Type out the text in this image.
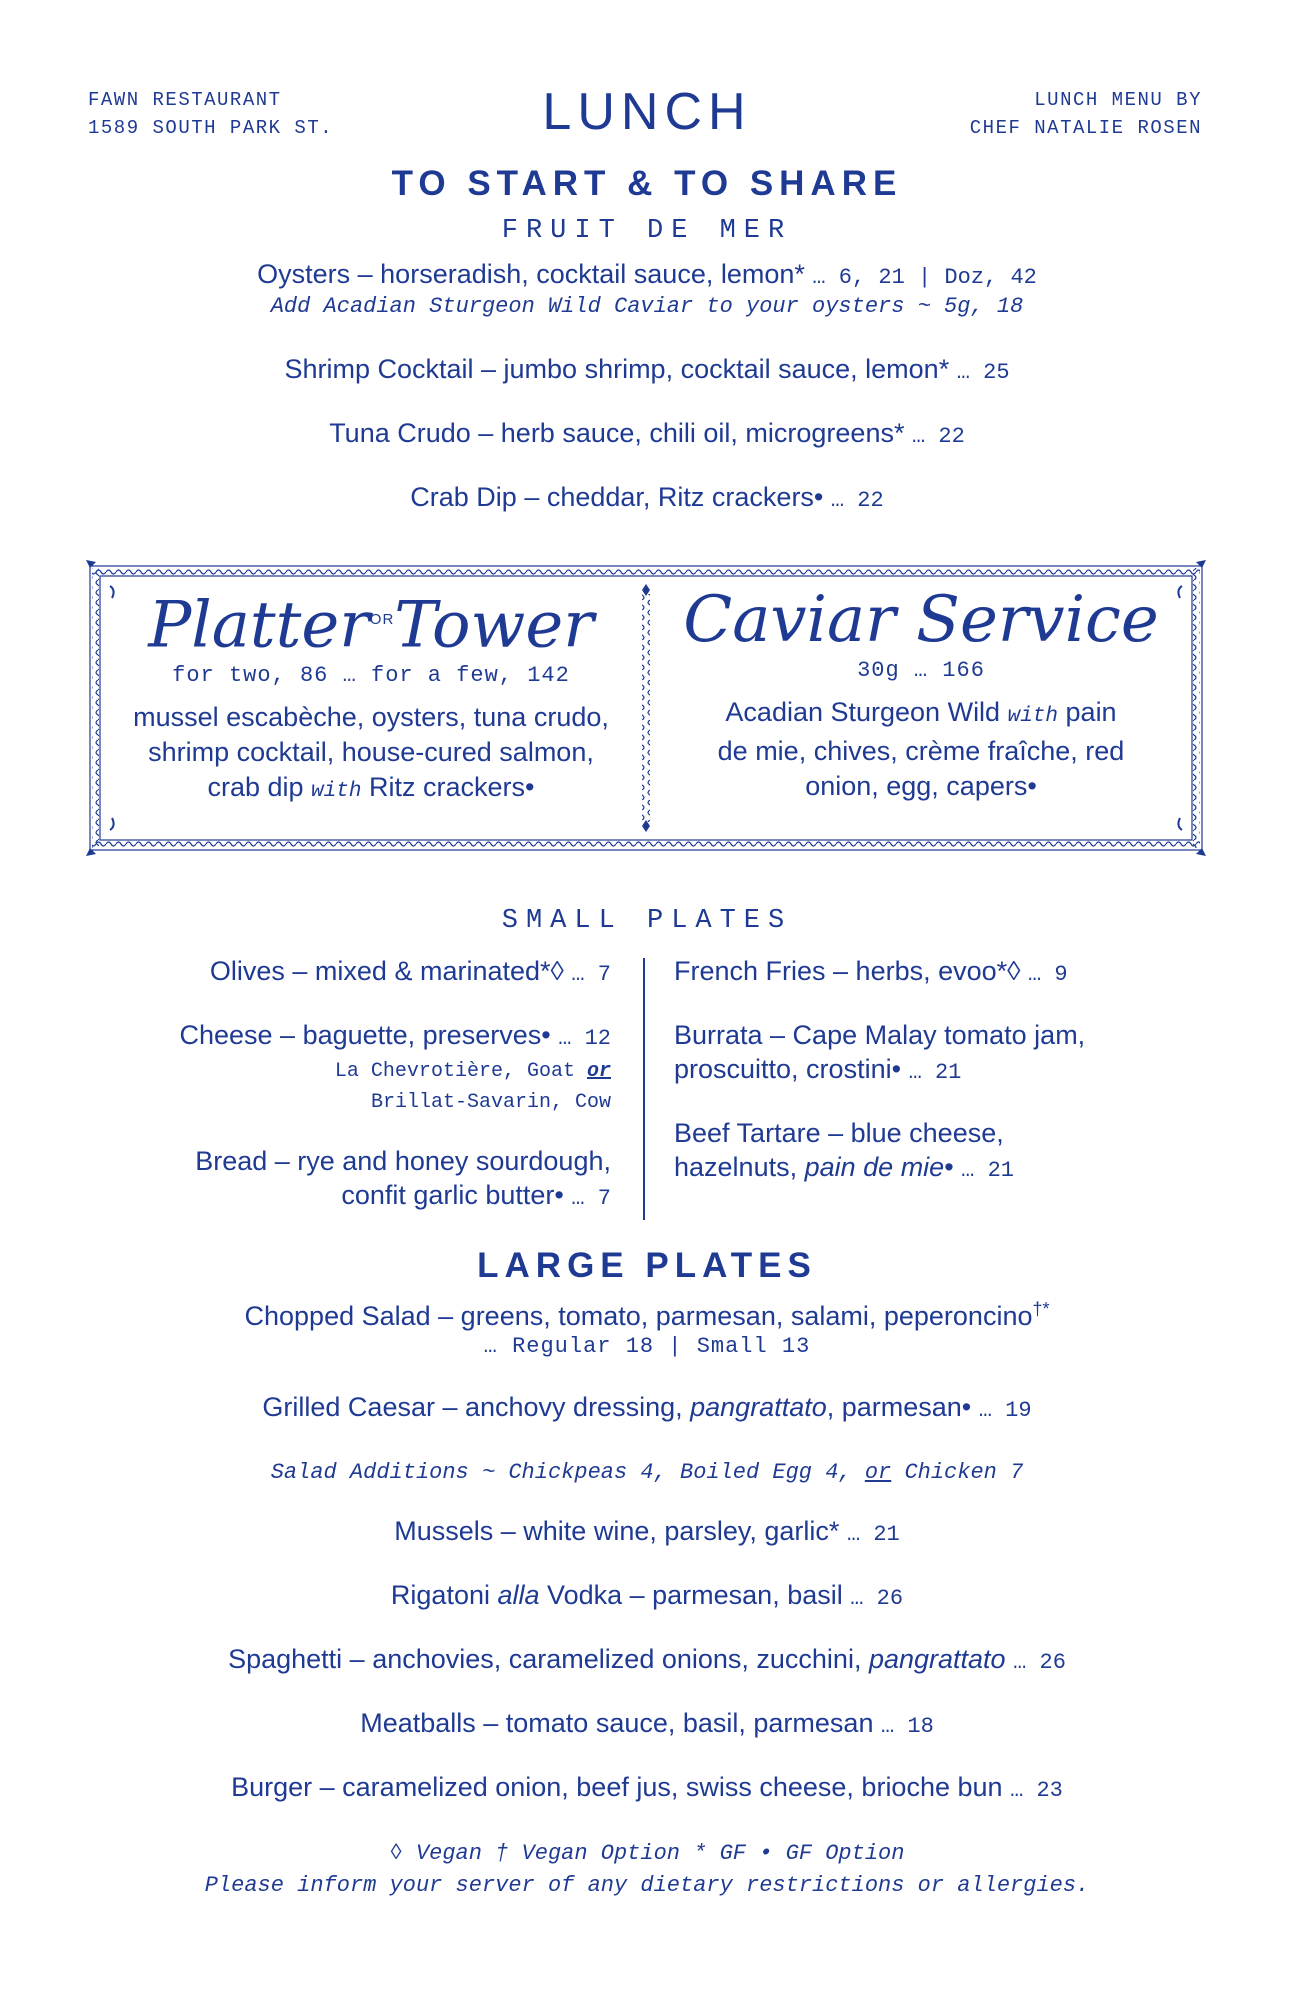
FAWN RESTAURANT
1589 SOUTH PARK ST.	LUNCH	LUNCH MENU BY
CHEF NATALIE ROSEN
TO START & TO SHARE
FRUIT DE MER
Oysters – horseradish, cocktail sauce, lemon* … 6, 21 | Doz, 42
Add Acadian Sturgeon Wild Caviar to your oysters ~ 5g, 18
Shrimp Cocktail – jumbo shrimp, cocktail sauce, lemon* … 25
Tuna Crudo – herb sauce, chili oil, microgreens* … 22
Crab Dip – cheddar, Ritz crackers• … 22
Platter$^{OR}$Tower
for two, 86 … for a few, 142
mussel escabèche, oysters, tuna crudo,
shrimp cocktail, house-cured salmon,
crab dip with Ritz crackers•
Caviar Service
30g … 166
Acadian Sturgeon Wild with pain
de mie, chives, crème fraîche, red
onion, egg, capers•
SMALL PLATES
Olives – mixed & marinated*◊ … 7
Cheese – baguette, preserves• … 12
La Chevrotière, Goat or
Brillat-Savarin, Cow
Bread – rye and honey sourdough,
confit garlic butter• … 7
French Fries – herbs, evoo*◊ … 9
Burrata – Cape Malay tomato jam,
proscuitto, crostini• … 21
Beef Tartare – blue cheese,
hazelnuts, pain de mie• … 21
LARGE PLATES
Chopped Salad – greens, tomato, parmesan, salami, peperoncino†*
… Regular 18 | Small 13
Grilled Caesar – anchovy dressing, pangrattato, parmesan• … 19
Salad Additions ~ Chickpeas 4, Boiled Egg 4, or Chicken 7
Mussels – white wine, parsley, garlic* … 21
Rigatoni alla Vodka – parmesan, basil … 26
Spaghetti – anchovies, caramelized onions, zucchini, pangrattato … 26
Meatballs – tomato sauce, basil, parmesan … 18
Burger – caramelized onion, beef jus, swiss cheese, brioche bun … 23
◊ Vegan † Vegan Option * GF • GF Option
Please inform your server of any dietary restrictions or allergies.
